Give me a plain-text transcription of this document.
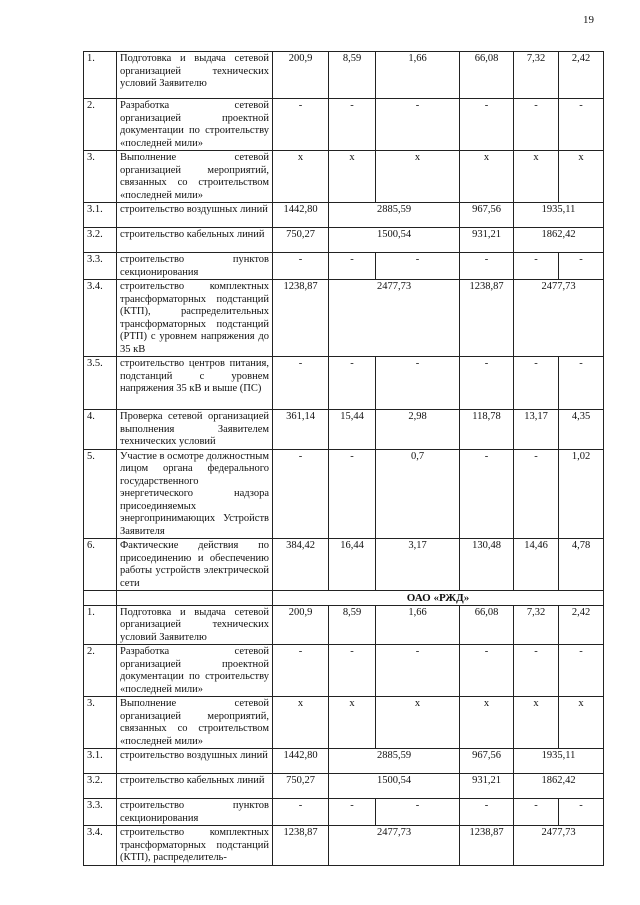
19
1.	Подготовка и выдача сетевой организацией технических условий Заявителю	200,9	8,59	1,66	66,08	7,32	2,42
2.	Разработка сетевой организацией проектной документации по строительству «последней мили»	-	-	-	-	-	-
3.	Выполнение сетевой организацией мероприятий, связанных со строительством «последней мили»	х	х	х	х	х	х
3.1.	строительство воздушных линий	1442,80	2885,59		967,56	1935,11	
3.2.	строительство кабельных линий	750,27	1500,54		931,21	1862,42	
3.3.	строительство пунктов секционирования	-	-	-	-	-	-
3.4.	строительство комплектных трансформаторных подстанций (КТП), распределительных трансформаторных подстанций (РТП) с уровнем напряжения до 35 кВ	1238,87	2477,73		1238,87	2477,73	
3.5.	строительство центров питания, подстанций с уровнем напряжения 35 кВ и выше (ПС)	-	-	-	-	-	-
4.	Проверка сетевой организацией выполнения Заявителем технических условий	361,14	15,44	2,98	118,78	13,17	4,35
5.	Участие в осмотре должностным лицом органа федерального государственного энергетического надзора присоединяемых энергопринимающих Устройств Заявителя	-	-	0,7	-	-	1,02
6.	Фактические действия по присоединению и обеспечению работы устройств электрической сети	384,42	16,44	3,17	130,48	14,46	4,78
		ОАО «РЖД»					
1.	Подготовка и выдача сетевой организацией технических условий Заявителю	200,9	8,59	1,66	66,08	7,32	2,42
2.	Разработка сетевой организацией проектной документации по строительству «последней мили»	-	-	-	-	-	-
3.	Выполнение сетевой организацией мероприятий, связанных со строительством «последней мили»	х	х	х	х	х	х
3.1.	строительство воздушных линий	1442,80	2885,59		967,56	1935,11	
3.2.	строительство кабельных линий	750,27	1500,54		931,21	1862,42	
3.3.	строительство пунктов секционирования	-	-	-	-	-	-
3.4.	строительство комплектных трансформаторных подстанций (КТП), распределитель-	1238,87	2477,73		1238,87	2477,73	
